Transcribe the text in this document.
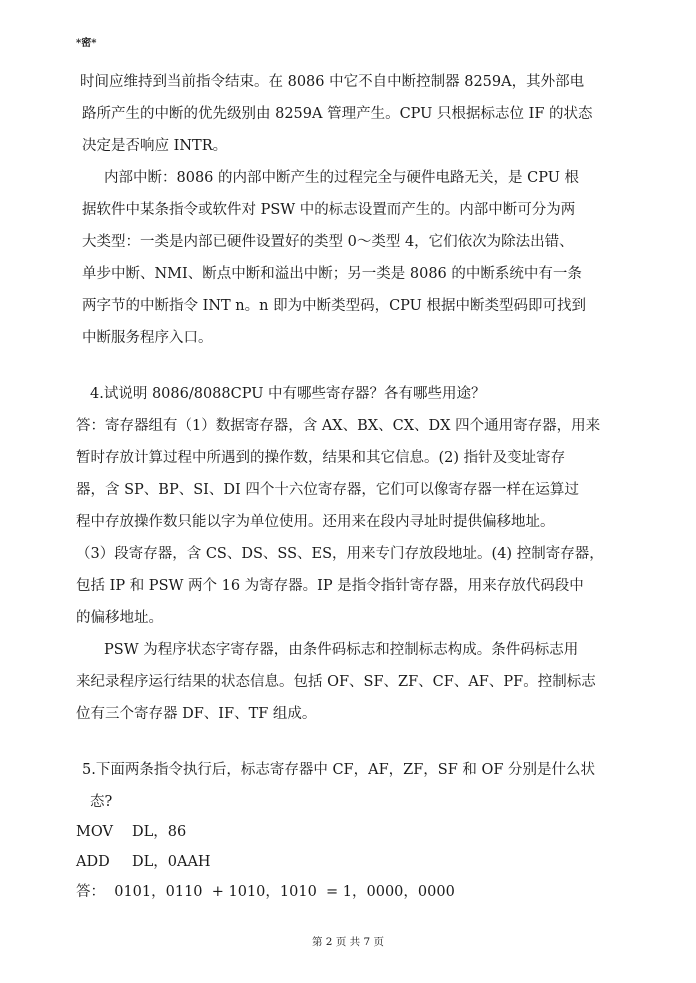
*密*
时间应维持到当前指令结束。在 8086 中它不自中断控制器 8259A，其外部电
路所产生的中断的优先级别由 8259A 管理产生。CPU 只根据标志位 IF 的状态
决定是否响应 INTR。
内部中断：8086 的内部中断产生的过程完全与硬件电路无关，是 CPU 根
据软件中某条指令或软件对 PSW 中的标志设置而产生的。内部中断可分为两
大类型：一类是内部已硬件设置好的类型 0～类型 4，它们依次为除法出错、
单步中断、NMI、断点中断和溢出中断；另一类是 8086 的中断系统中有一条
两字节的中断指令 INT n。n 即为中断类型码，CPU 根据中断类型码即可找到
中断服务程序入口。
4.试说明 8086/8088CPU 中有哪些寄存器？各有哪些用途？
答：寄存器组有（1）数据寄存器，含 AX、BX、CX、DX 四个通用寄存器，用来
暂时存放计算过程中所遇到的操作数，结果和其它信息。(2) 指针及变址寄存
器，含 SP、BP、SI、DI 四个十六位寄存器，它们可以像寄存器一样在运算过
程中存放操作数只能以字为单位使用。还用来在段内寻址时提供偏移地址。
（3）段寄存器，含 CS、DS、SS、ES，用来专门存放段地址。(4) 控制寄存器，
包括 IP 和 PSW 两个 16 为寄存器。IP 是指令指针寄存器，用来存放代码段中
的偏移地址。
PSW 为程序状态字寄存器，由条件码标志和控制标志构成。条件码标志用
来纪录程序运行结果的状态信息。包括 OF、SF、ZF、CF、AF、PF。控制标志
位有三个寄存器 DF、IF、TF 组成。
5.下面两条指令执行后，标志寄存器中 CF，AF，ZF，SF 和 OF 分别是什么状
态?
MOV DL，86
ADD DL，0AAH
答：  0101，0110  + 1010，1010  = 1，0000，0000
第 2 页 共 7 页
